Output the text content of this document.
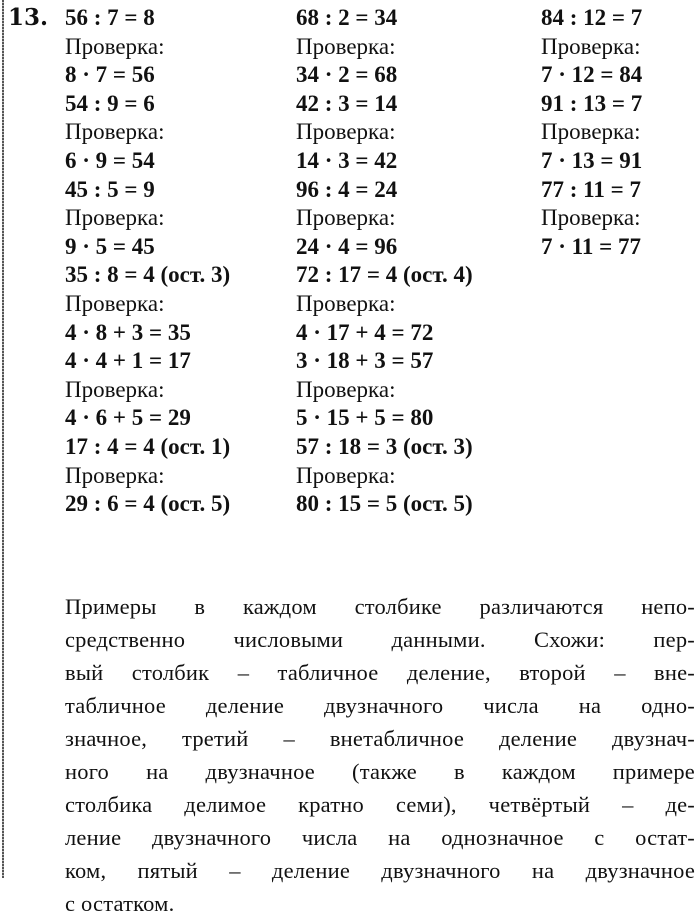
13. 56 : 7 = 8
Проверка:
8 · 7 = 56
54 : 9 = 6
Проверка:
6 · 9 = 54
45 : 5 = 9
Проверка:
9 · 5 = 45
35 : 8 = 4 (ост. 3)
Проверка:
4 · 8 + 3 = 35
4 · 4 + 1 = 17
Проверка:
4 · 6 + 5 = 29
17 : 4 = 4 (ост. 1)
Проверка:
29 : 6 = 4 (ост. 5)
68 : 2 = 34
Проверка:
34 · 2 = 68
42 : 3 = 14
Проверка:
14 · 3 = 42
96 : 4 = 24
Проверка:
24 · 4 = 96
72 : 17 = 4 (ост. 4)
Проверка:
4 · 17 + 4 = 72
3 · 18 + 3 = 57
Проверка:
5 · 15 + 5 = 80
57 : 18 = 3 (ост. 3)
Проверка:
80 : 15 = 5 (ост. 5)
84 : 12 = 7
Проверка:
7 · 12 = 84
91 : 13 = 7
Проверка:
7 · 13 = 91
77 : 11 = 7
Проверка:
7 · 11 = 77
Примеры в каждом столбике различаются непо-
средственно числовыми данными. Схожи: пер-
вый столбик – табличное деление, второй – вне-
табличное деление двузначного числа на одно-
значное, третий – внетабличное деление двузнач-
ного на двузначное (также в каждом примере
столбика делимое кратно семи), четвёртый – де-
ление двузначного числа на однозначное с остат-
ком, пятый – деление двузначного на двузначное
с остатком.
